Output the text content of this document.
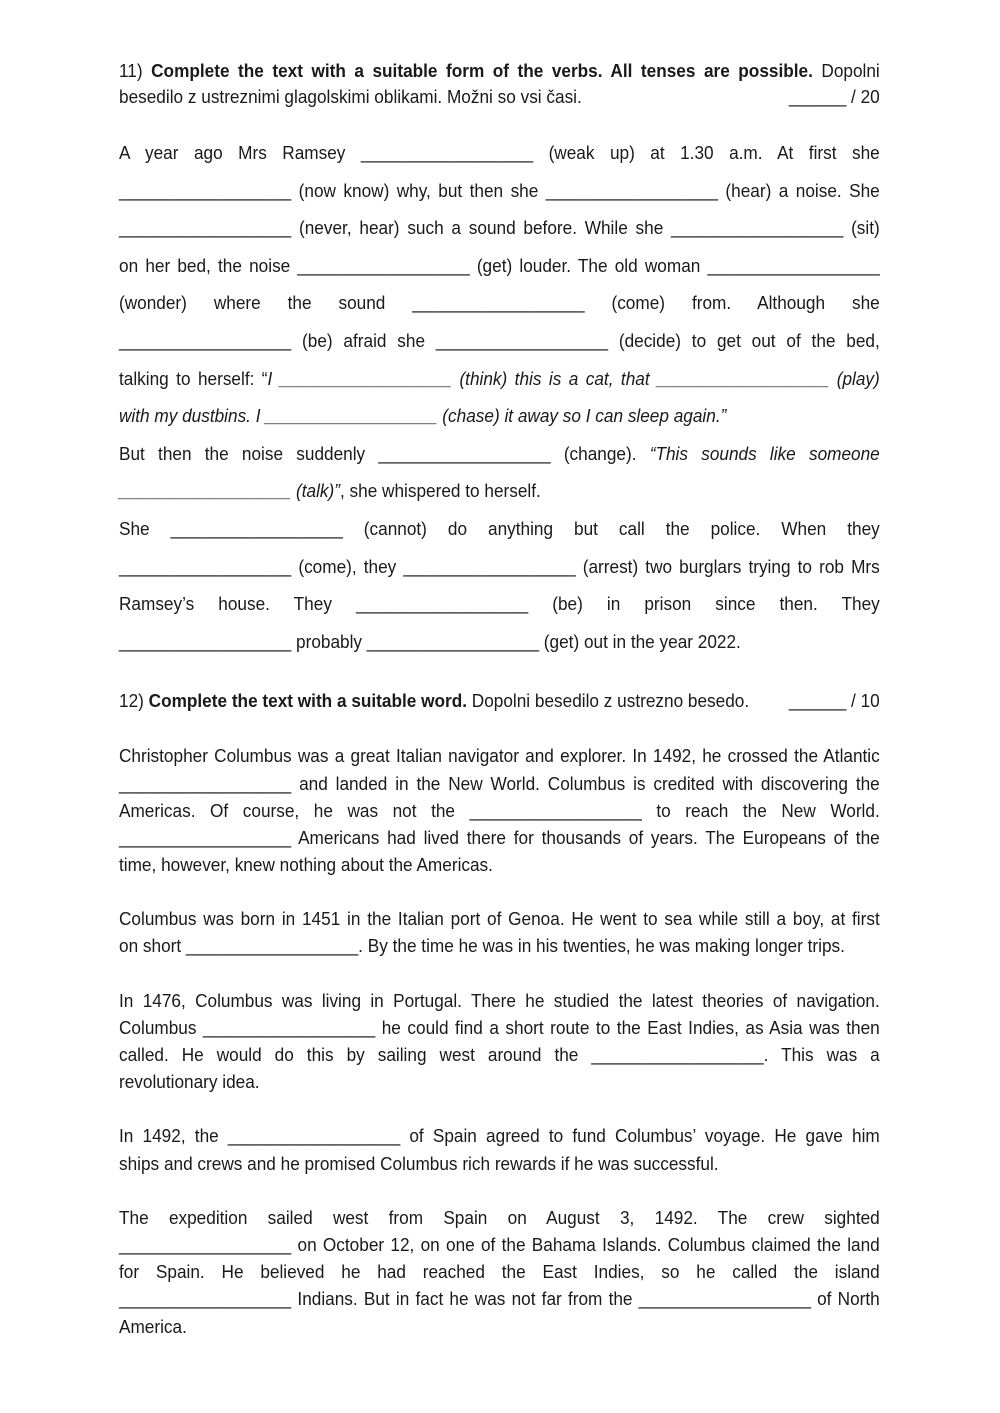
11) Complete the text with a suitable form of the verbs. All tenses are possible. Dopolni

besedilo z ustreznimi glagolskimi oblikami. Možni so vsi časi.	______ / 20

A year ago Mrs Ramsey __________________ (weak up) at 1.30 a.m. At first she
__________________ (now know) why, but then she __________________ (hear) a noise. She
__________________ (never, hear) such a sound before. While she __________________ (sit)
on her bed, the noise __________________ (get) louder. The old woman __________________
(wonder) where the sound __________________ (come) from. Although she
__________________ (be) afraid she __________________ (decide) to get out of the bed,
talking to herself: “I __________________ (think) this is a cat, that __________________ (play)
with my dustbins. I __________________ (chase) it away so I can sleep again.”
But then the noise suddenly __________________ (change). “This sounds like someone
__________________ (talk)”, she whispered to herself.
She __________________ (cannot) do anything but call the police. When they
__________________ (come), they __________________ (arrest) two burglars trying to rob Mrs
Ramsey’s house. They __________________ (be) in prison since then. They
__________________ probably __________________ (get) out in the year 2022.

12) Complete the text with a suitable word. Dopolni besedilo z ustrezno besedo. ______ / 10

Christopher Columbus was a great Italian navigator and explorer. In 1492, he crossed the Atlantic
__________________ and landed in the New World. Columbus is credited with discovering the
Americas. Of course, he was not the __________________ to reach the New World.
__________________ Americans had lived there for thousands of years. The Europeans of the
time, however, knew nothing about the Americas.

Columbus was born in 1451 in the Italian port of Genoa. He went to sea while still a boy, at first
on short __________________. By the time he was in his twenties, he was making longer trips.

In 1476, Columbus was living in Portugal. There he studied the latest theories of navigation.
Columbus __________________ he could find a short route to the East Indies, as Asia was then
called. He would do this by sailing west around the __________________. This was a
revolutionary idea.

In 1492, the __________________ of Spain agreed to fund Columbus’ voyage. He gave him
ships and crews and he promised Columbus rich rewards if he was successful.

The expedition sailed west from Spain on August 3, 1492. The crew sighted
__________________ on October 12, on one of the Bahama Islands. Columbus claimed the land
for Spain. He believed he had reached the East Indies, so he called the island
__________________ Indians. But in fact he was not far from the __________________ of North
America.
